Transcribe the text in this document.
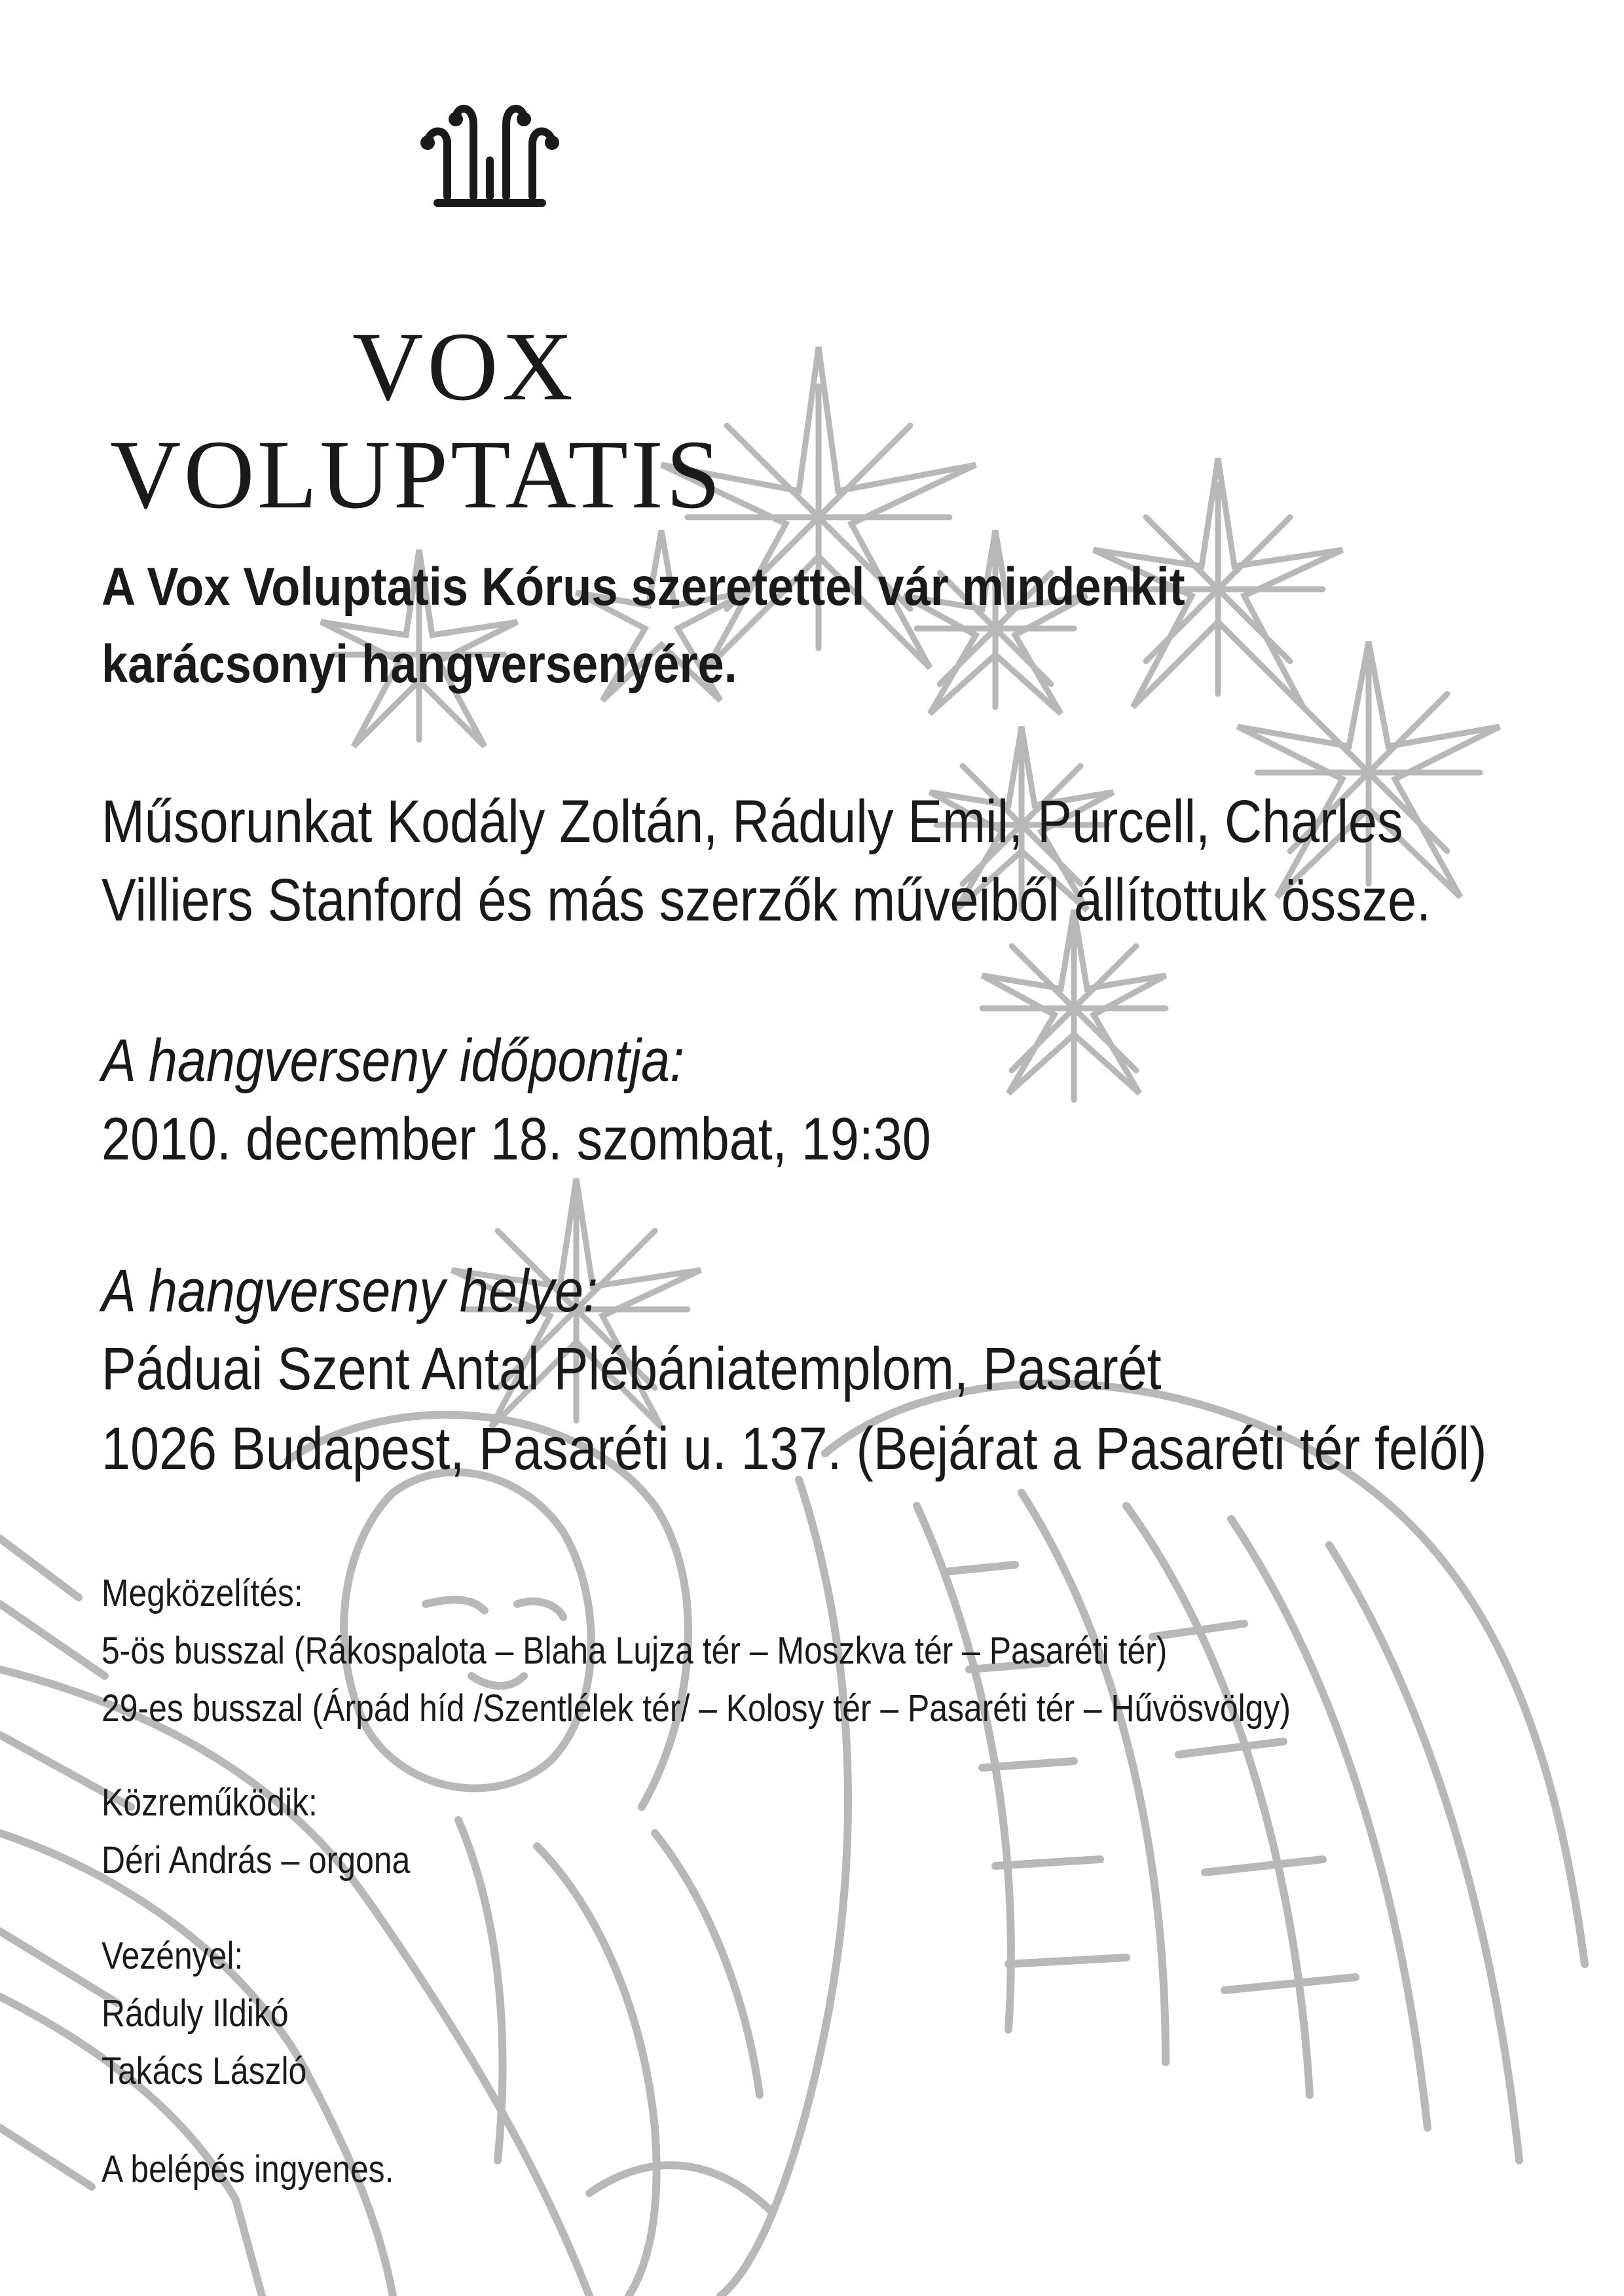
VOX
VOLUPTATIS
A Vox Voluptatis Kórus szeretettel vár mindenkit
karácsonyi hangversenyére.
Műsorunkat Kodály Zoltán, Ráduly Emil, Purcell, Charles
Villiers Stanford és más szerzők műveiből állítottuk össze.
A hangverseny időpontja:
2010. december 18. szombat, 19:30
A hangverseny helye:
Páduai Szent Antal Plébániatemplom, Pasarét
1026 Budapest, Pasaréti u. 137. (Bejárat a Pasaréti tér felől)
Megközelítés:
5-ös busszal (Rákospalota – Blaha Lujza tér – Moszkva tér – Pasaréti tér)
29-es busszal (Árpád híd /Szentlélek tér/ – Kolosy tér – Pasaréti tér – Hűvösvölgy)
Közreműködik:
Déri András – orgona
Vezényel:
Ráduly Ildikó
Takács László
A belépés ingyenes.
